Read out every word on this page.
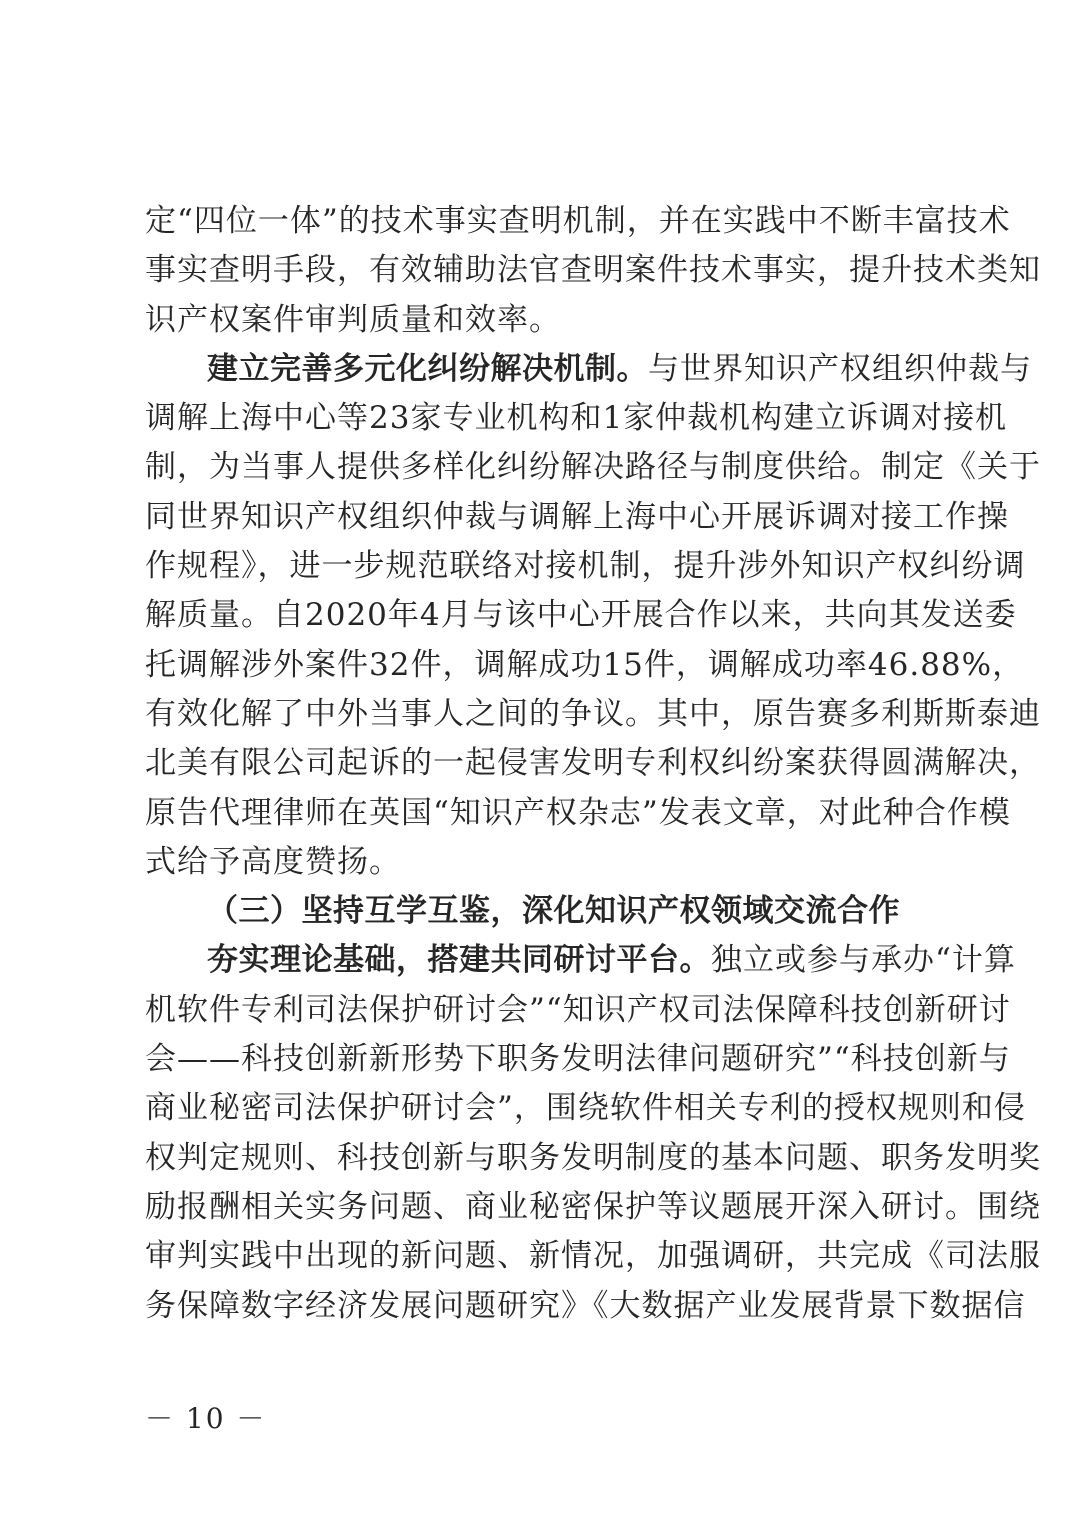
定“四位一体”的技术事实查明机制，并在实践中不断丰富技术
事实查明手段，有效辅助法官查明案件技术事实，提升技术类知
识产权案件审判质量和效率。
建立完善多元化纠纷解决机制。与世界知识产权组织仲裁与
调解上海中心等23家专业机构和1家仲裁机构建立诉调对接机
制，为当事人提供多样化纠纷解决路径与制度供给。制定《关于
同世界知识产权组织仲裁与调解上海中心开展诉调对接工作操
作规程》，进一步规范联络对接机制，提升涉外知识产权纠纷调
解质量。自2020年4月与该中心开展合作以来，共向其发送委
托调解涉外案件32件，调解成功15件，调解成功率46.88%，
有效化解了中外当事人之间的争议。其中，原告赛多利斯斯泰迪
北美有限公司起诉的一起侵害发明专利权纠纷案获得圆满解决，
原告代理律师在英国“知识产权杂志”发表文章，对此种合作模
式给予高度赞扬。
（三）坚持互学互鉴，深化知识产权领域交流合作
夯实理论基础，搭建共同研讨平台。独立或参与承办“计算
机软件专利司法保护研讨会”“知识产权司法保障科技创新研讨
会——科技创新新形势下职务发明法律问题研究”“科技创新与
商业秘密司法保护研讨会”，围绕软件相关专利的授权规则和侵
权判定规则、科技创新与职务发明制度的基本问题、职务发明奖
励报酬相关实务问题、商业秘密保护等议题展开深入研讨。围绕
审判实践中出现的新问题、新情况，加强调研，共完成《司法服
务保障数字经济发展问题研究》《大数据产业发展背景下数据信
－ 10 －
